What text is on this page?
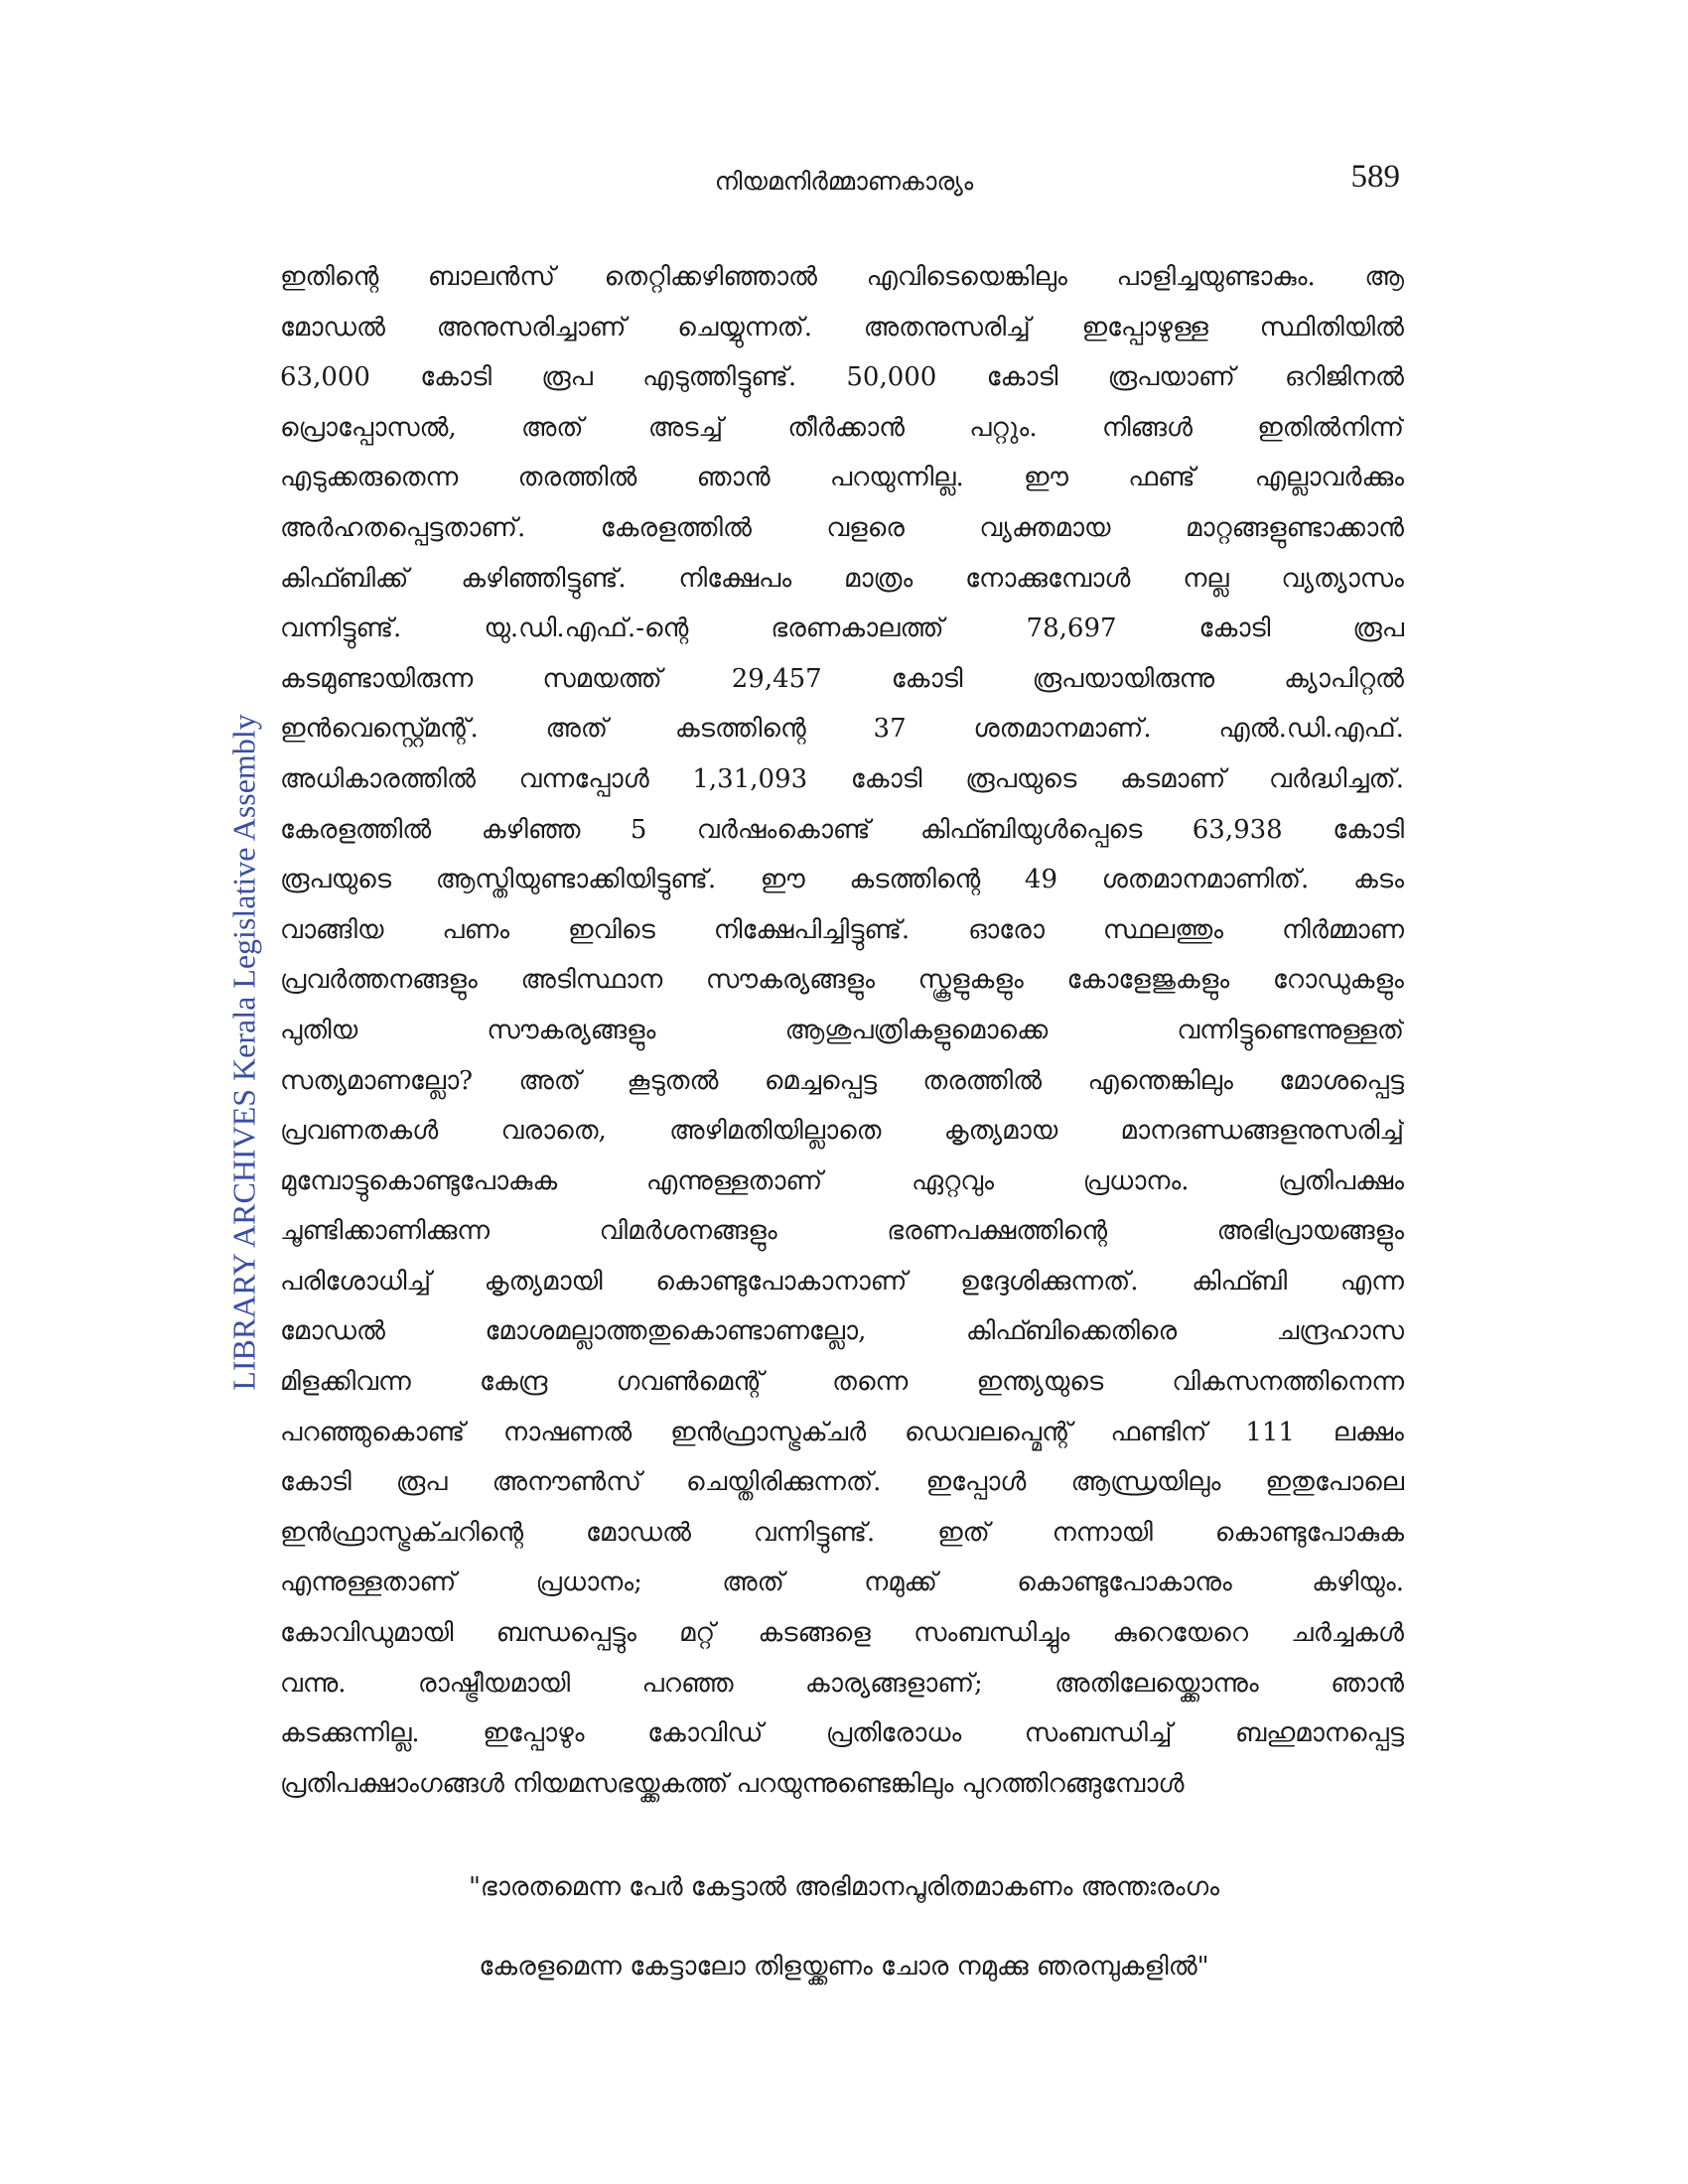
നിയമനിർമ്മാണകാര്യം	589
LIBRARY ARCHIVES Kerala Legislative Assembly
ഇതിന്റെ ബാലൻസ് തെറ്റിക്കഴിഞ്ഞാൽ എവിടെയെങ്കിലും പാളിച്ചയുണ്ടാകും. ആ
മോഡൽ അനുസരിച്ചാണ് ചെയ്യുന്നത്. അതനുസരിച്ച് ഇപ്പോഴുള്ള സ്ഥിതിയിൽ
63,000 കോടി രൂപ എടുത്തിട്ടുണ്ട്. 50,000 കോടി രൂപയാണ് ഒറിജിനൽ
പ്രൊപ്പോസൽ,	അത്	അടച്ച്	തീർക്കാൻ	പറ്റും.	നിങ്ങൾ	ഇതിൽനിന്ന്
എടുക്കരുതെന്ന തരത്തിൽ ഞാൻ പറയുന്നില്ല. ഈ ഫണ്ട് എല്ലാവർക്കും
അർഹതപ്പെട്ടതാണ്.	കേരളത്തിൽ	വളരെ	വ്യക്തമായ	മാറ്റങ്ങളുണ്ടാക്കാൻ
കിഫ്ബിക്ക് കഴിഞ്ഞിട്ടുണ്ട്. നിക്ഷേപം മാത്രം നോക്കുമ്പോൾ നല്ല വ്യത്യാസം
വന്നിട്ടുണ്ട്.	യു.ഡി.എഫ്.-ന്റെ	ഭരണകാലത്ത്	78,697	കോടി	രൂപ
കടമുണ്ടായിരുന്ന	സമയത്ത്	29,457	കോടി	രൂപയായിരുന്നു	ക്യാപിറ്റൽ
ഇൻവെസ്റ്റ്മെന്റ്.	അത്	കടത്തിന്റെ	37	ശതമാനമാണ്.	എൽ.ഡി.എഫ്.
അധികാരത്തിൽ വന്നപ്പോൾ 1,31,093 കോടി രൂപയുടെ കടമാണ് വർദ്ധിച്ചത്.
കേരളത്തിൽ കഴിഞ്ഞ 5 വർഷംകൊണ്ട് കിഫ്ബിയുൾപ്പെടെ 63,938 കോടി
രൂപയുടെ ആസ്തിയുണ്ടാക്കിയിട്ടുണ്ട്. ഈ കടത്തിന്റെ 49 ശതമാനമാണിത്. കടം
വാങ്ങിയ പണം ഇവിടെ നിക്ഷേപിച്ചിട്ടുണ്ട്. ഓരോ സ്ഥലത്തും നിർമ്മാണ
പ്രവർത്തനങ്ങളും അടിസ്ഥാന സൗകര്യങ്ങളും സ്കൂളുകളും കോളേജുകളും റോഡുകളും
പുതിയ	സൗകര്യങ്ങളും	ആശുപത്രികളുമൊക്കെ	വന്നിട്ടുണ്ടെന്നുള്ളത്
സത്യമാണല്ലോ? അത് കൂടുതൽ മെച്ചപ്പെട്ട തരത്തിൽ എന്തെങ്കിലും മോശപ്പെട്ട
പ്രവണതകൾ വരാതെ, അഴിമതിയില്ലാതെ കൃത്യമായ മാനദണ്ഡങ്ങളനുസരിച്ച്
മുമ്പോട്ടുകൊണ്ടുപോകുക	എന്നുള്ളതാണ്	ഏറ്റവും	പ്രധാനം.	പ്രതിപക്ഷം
ചൂണ്ടിക്കാണിക്കുന്ന	വിമർശനങ്ങളും	ഭരണപക്ഷത്തിന്റെ	അഭിപ്രായങ്ങളും
പരിശോധിച്ച് കൃത്യമായി കൊണ്ടുപോകാനാണ് ഉദ്ദേശിക്കുന്നത്. കിഫ്ബി എന്ന
മോഡൽ	മോശമല്ലാത്തതുകൊണ്ടാണല്ലോ,	കിഫ്ബിക്കെതിരെ	ചന്ദ്രഹാസ
മിളക്കിവന്ന	കേന്ദ്ര	ഗവൺമെന്റ്	തന്നെ	ഇന്ത്യയുടെ	വികസനത്തിനെന്ന
പറഞ്ഞുകൊണ്ട് നാഷണൽ ഇൻഫ്രാസ്ട്രക്ചർ ഡെവലപ്മെന്റ് ഫണ്ടിന് 111 ലക്ഷം
കോടി രൂപ അനൗൺസ് ചെയ്തിരിക്കുന്നത്. ഇപ്പോൾ ആന്ധ്രയിലും ഇതുപോലെ
ഇൻഫ്രാസ്ട്രക്ചറിന്റെ മോഡൽ വന്നിട്ടുണ്ട്. ഇത് നന്നായി കൊണ്ടുപോകുക
എന്നുള്ളതാണ്	പ്രധാനം;	അത്	നമുക്ക്	കൊണ്ടുപോകാനും	കഴിയും.
കോവിഡുമായി ബന്ധപ്പെട്ടും മറ്റ് കടങ്ങളെ സംബന്ധിച്ചും കുറെയേറെ ചർച്ചകൾ
വന്നു.	രാഷ്ട്രീയമായി	പറഞ്ഞ	കാര്യങ്ങളാണ്;	അതിലേയ്ക്കൊന്നും	ഞാൻ
കടക്കുന്നില്ല. ഇപ്പോഴും കോവിഡ് പ്രതിരോധം സംബന്ധിച്ച് ബഹുമാനപ്പെട്ട
പ്രതിപക്ഷാംഗങ്ങൾ നിയമസഭയ്ക്കകത്ത് പറയുന്നുണ്ടെങ്കിലും പുറത്തിറങ്ങുമ്പോൾ
"ഭാരതമെന്ന പേർ കേട്ടാൽ അഭിമാനപൂരിതമാകണം അന്തഃരംഗം
കേരളമെന്ന കേട്ടാലോ തിളയ്ക്കണം ചോര നമുക്കു ഞരമ്പുകളിൽ"
